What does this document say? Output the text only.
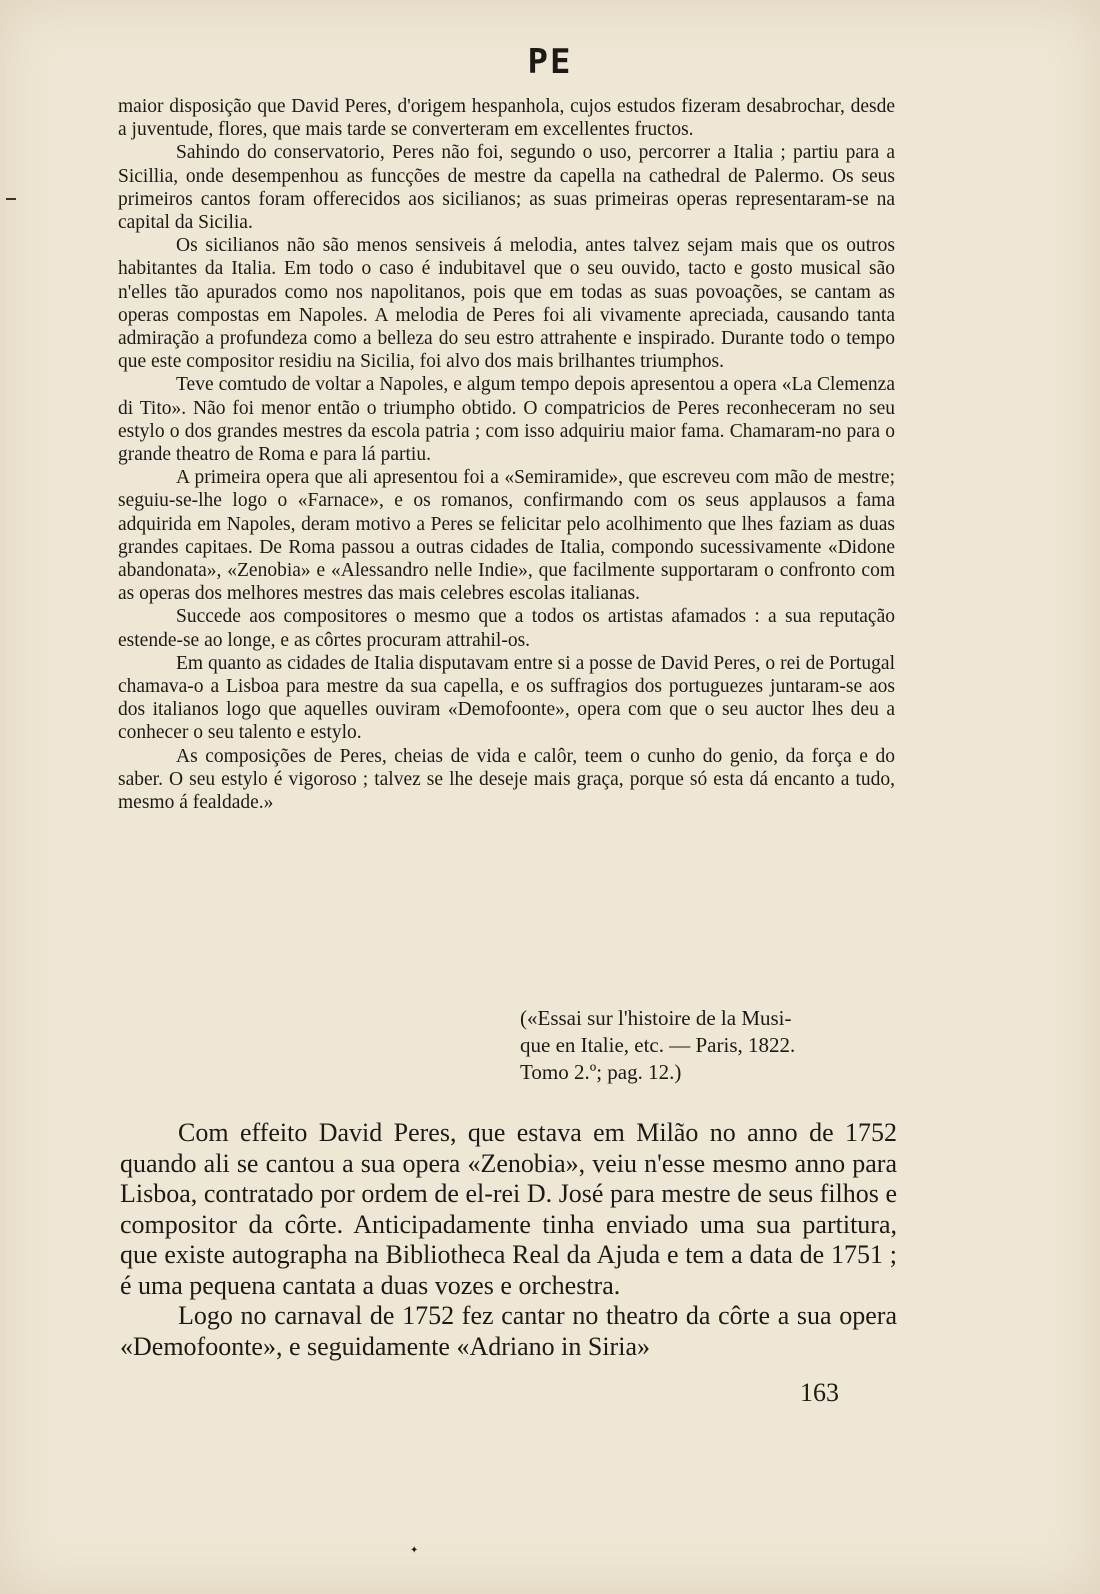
PE

maior disposição que David Peres, d'origem hespanhola, cujos estudos fizeram desabrochar, desde a juventude, flores, que mais tarde se converteram em excellentes fructos.

Sahindo do conservatorio, Peres não foi, segundo o uso, percorrer a Italia ; partiu para a Sicillia, onde desempenhou as funcções de mestre da capella na cathedral de Palermo. Os seus primeiros cantos foram offerecidos aos sicilianos; as suas primeiras operas representaram-se na capital da Sicilia.

Os sicilianos não são menos sensiveis á melodia, antes talvez sejam mais que os outros habitantes da Italia. Em todo o caso é indubitavel que o seu ouvido, tacto e gosto musical são n'elles tão apurados como nos napolitanos, pois que em todas as suas povoações, se cantam as operas compostas em Napoles. A melodia de Peres foi ali vivamente apreciada, causando tanta admiração a profundeza como a belleza do seu estro attrahente e inspirado. Durante todo o tempo que este compositor residiu na Sicilia, foi alvo dos mais brilhantes triumphos.

Teve comtudo de voltar a Napoles, e algum tempo depois apresentou a opera «La Clemenza di Tito». Não foi menor então o triumpho obtido. O compatricios de Peres reconheceram no seu estylo o dos grandes mestres da escola patria ; com isso adquiriu maior fama. Chamaram-no para o grande theatro de Roma e para lá partiu.

A primeira opera que ali apresentou foi a «Semiramide», que escreveu com mão de mestre; seguiu-se-lhe logo o «Farnace», e os romanos, confirmando com os seus applausos a fama adquirida em Napoles, deram motivo a Peres se felicitar pelo acolhimento que lhes faziam as duas grandes capitaes. De Roma passou a outras cidades de Italia, compondo sucessivamente «Didone abandonata», «Zenobia» e «Alessandro nelle Indie», que facilmente supportaram o confronto com as operas dos melhores mestres das mais celebres escolas italianas.

Succede aos compositores o mesmo que a todos os artistas afamados : a sua reputação estende-se ao longe, e as côrtes procuram attrahil-os.

Em quanto as cidades de Italia disputavam entre si a posse de David Peres, o rei de Portugal chamava-o a Lisboa para mestre da sua capella, e os suffragios dos portuguezes juntaram-se aos dos italianos logo que aquelles ouviram «Demofoonte», opera com que o seu auctor lhes deu a conhecer o seu talento e estylo.

As composições de Peres, cheias de vida e calôr, teem o cunho do genio, da força e do saber. O seu estylo é vigoroso ; talvez se lhe deseje mais graça, porque só esta dá encanto a tudo, mesmo á fealdade.»

(«Essai sur l'histoire de la Musi-
que en Italie, etc. — Paris, 1822.
Tomo 2.º; pag. 12.)

Com effeito David Peres, que estava em Milão no anno de 1752 quando ali se cantou a sua opera «Zenobia», veiu n'esse mesmo anno para Lisboa, contratado por ordem de el-rei D. José para mestre de seus filhos e compositor da côrte. Anticipadamente tinha enviado uma sua partitura, que existe autographa na Bibliotheca Real da Ajuda e tem a data de 1751 ; é uma pequena cantata a duas vozes e orchestra.

Logo no carnaval de 1752 fez cantar no theatro da côrte a sua opera «Demofoonte», e seguidamente «Adriano in Siria»

163
✦
